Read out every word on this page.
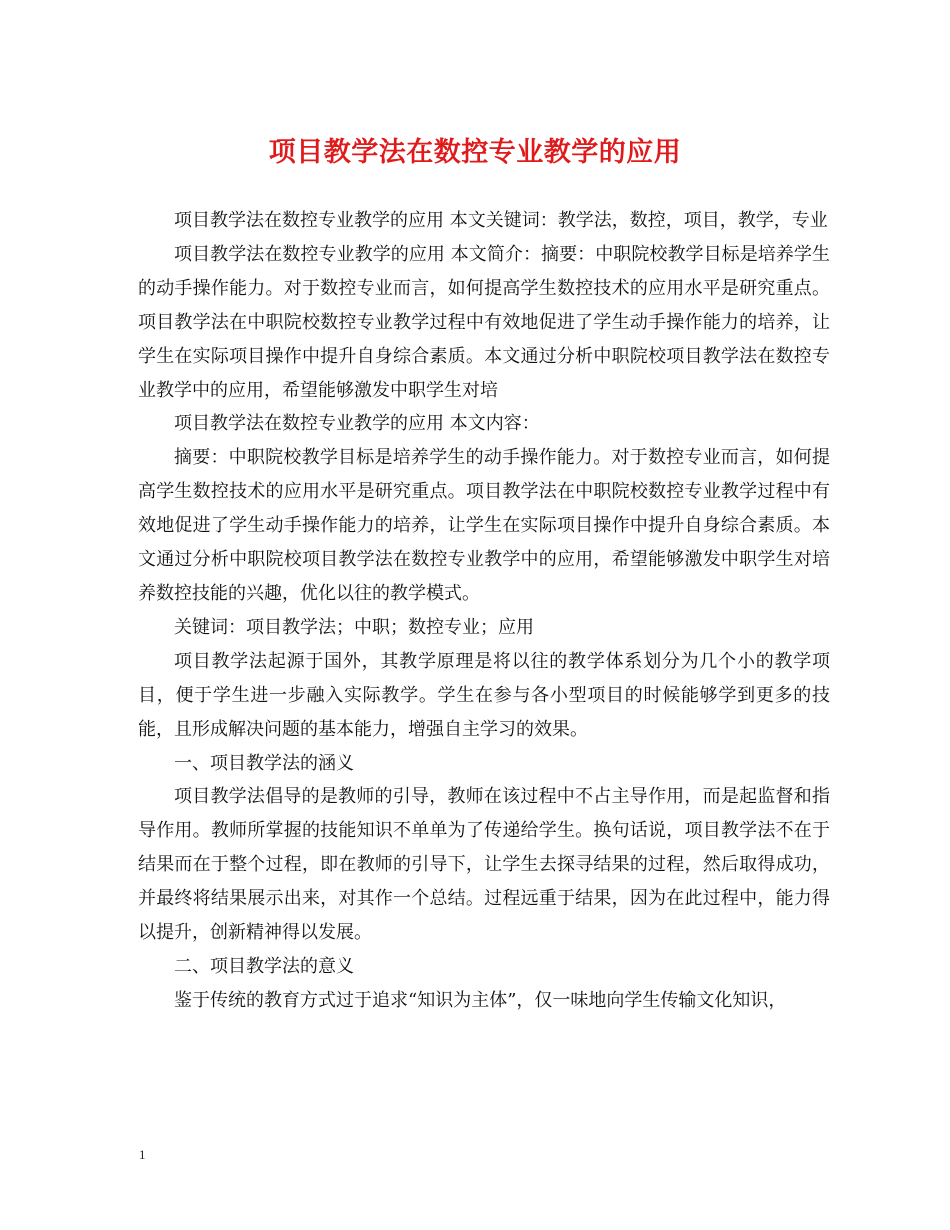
项目教学法在数控专业教学的应用

项目教学法在数控专业教学的应用 本文关键词：教学法，数控，项目，教学，专业

项目教学法在数控专业教学的应用 本文简介：摘要：中职院校教学目标是培养学生的动手操作能力。对于数控专业而言，如何提高学生数控技术的应用水平是研究重点。项目教学法在中职院校数控专业教学过程中有效地促进了学生动手操作能力的培养，让学生在实际项目操作中提升自身综合素质。本文通过分析中职院校项目教学法在数控专业教学中的应用，希望能够激发中职学生对培

项目教学法在数控专业教学的应用 本文内容：

摘要：中职院校教学目标是培养学生的动手操作能力。对于数控专业而言，如何提高学生数控技术的应用水平是研究重点。项目教学法在中职院校数控专业教学过程中有效地促进了学生动手操作能力的培养，让学生在实际项目操作中提升自身综合素质。本文通过分析中职院校项目教学法在数控专业教学中的应用，希望能够激发中职学生对培养数控技能的兴趣，优化以往的教学模式。

关键词：项目教学法；中职；数控专业；应用

项目教学法起源于国外，其教学原理是将以往的教学体系划分为几个小的教学项目，便于学生进一步融入实际教学。学生在参与各小型项目的时候能够学到更多的技能，且形成解决问题的基本能力，增强自主学习的效果。

一、项目教学法的涵义

项目教学法倡导的是教师的引导，教师在该过程中不占主导作用，而是起监督和指导作用。教师所掌握的技能知识不单单为了传递给学生。换句话说，项目教学法不在于结果而在于整个过程，即在教师的引导下，让学生去探寻结果的过程，然后取得成功，并最终将结果展示出来，对其作一个总结。过程远重于结果，因为在此过程中，能力得以提升，创新精神得以发展。

二、项目教学法的意义

鉴于传统的教育方式过于追求“知识为主体”，仅一味地向学生传输文化知识，

1
